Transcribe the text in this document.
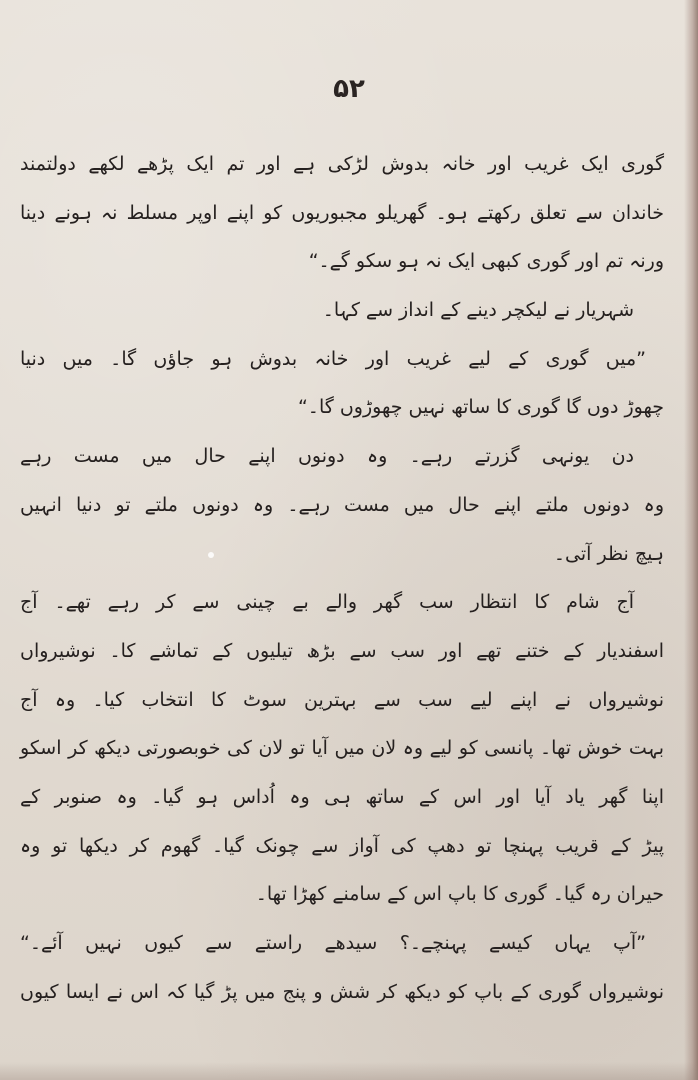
۵۲
گوری ایک غریب اور خانہ بدوش لڑکی ہے اور تم ایک پڑھے لکھے دولتمند
خاندان سے تعلق رکھتے ہو۔ گھریلو مجبوریوں کو اپنے اوپر مسلط نہ ہونے دینا
ورنہ تم اور گوری کبھی ایک نہ ہو سکو گے۔“
شہریار نے لیکچر دینے کے انداز سے کہا۔
”میں گوری کے لیے غریب اور خانہ بدوش ہو جاؤں گا۔ میں دنیا
چھوڑ دوں گا گوری کا ساتھ نہیں چھوڑوں گا۔“
دن یونہی گزرتے رہے۔ وہ دونوں اپنے حال میں مست رہے
وہ دونوں ملتے اپنے حال میں مست رہے۔ وہ دونوں ملتے تو دنیا انہیں
ہیچ نظر آتی۔
آج شام کا انتظار سب گھر والے بے چینی سے کر رہے تھے۔ آج
اسفندیار کے ختنے تھے اور سب سے بڑھ تیلیوں کے تماشے کا۔ نوشیرواں
نوشیرواں نے اپنے لیے سب سے بہترین سوٹ کا انتخاب کیا۔ وہ آج
بہت خوش تھا۔ پانسی کو لیے وہ لان میں آیا تو لان کی خوبصورتی دیکھ کر اسکو
اپنا گھر یاد آیا اور اس کے ساتھ ہی وہ اُداس ہو گیا۔ وہ صنوبر کے
پیڑ کے قریب پہنچا تو دھپ کی آواز سے چونک گیا۔ گھوم کر دیکھا تو وہ
حیران رہ گیا۔ گوری کا باپ اس کے سامنے کھڑا تھا۔
”آپ یہاں کیسے پہنچے۔؟ سیدھے راستے سے کیوں نہیں آئے۔“
نوشیرواں گوری کے باپ کو دیکھ کر شش و پنج میں پڑ گیا کہ اس نے ایسا کیوں
